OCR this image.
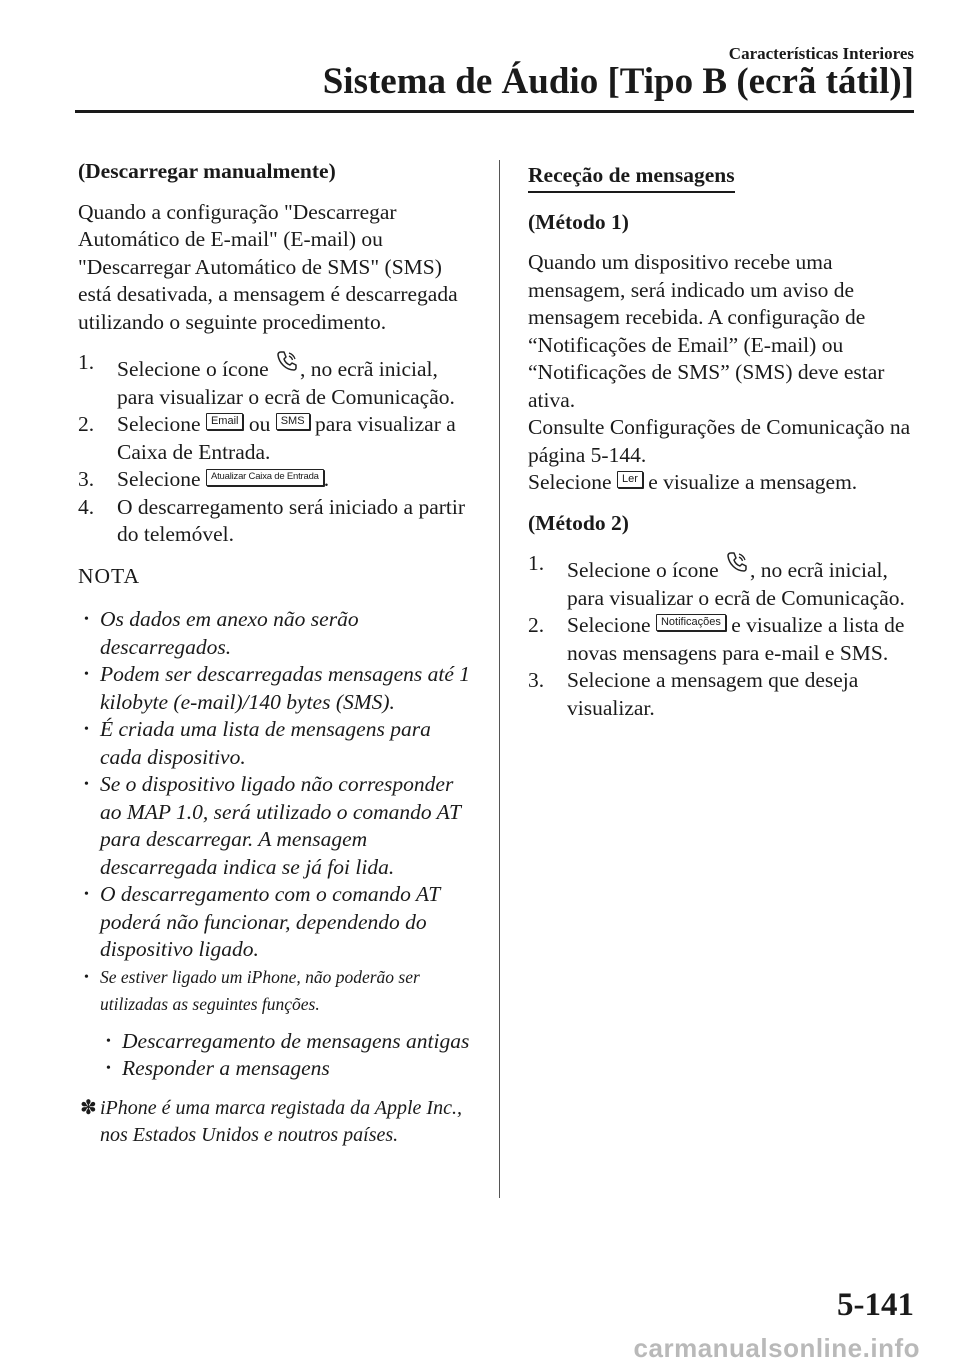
Características Interiores
Sistema de Áudio [Tipo B (ecrã tátil)]

(Descarregar manualmente)

Quando a configuração "Descarregar Automático de E-mail" (E-mail) ou "Descarregar Automático de SMS" (SMS) está desativada, a mensagem é descarregada utilizando o seguinte procedimento.

1. Selecione o ícone , no ecrã inicial, para visualizar o ecrã de Comunicação.
2. Selecione Email ou SMS para visualizar a Caixa de Entrada.
3. Selecione Atualizar Caixa de Entrada .
4. O descarregamento será iniciado a partir do telemóvel.

NOTA

• Os dados em anexo não serão descarregados.
• Podem ser descarregadas mensagens até 1 kilobyte (e-mail)/140 bytes (SMS).
• É criada uma lista de mensagens para cada dispositivo.
• Se o dispositivo ligado não corresponder ao MAP 1.0, será utilizado o comando AT para descarregar. A mensagem descarregada indica se já foi lida.
• O descarregamento com o comando AT poderá não funcionar, dependendo do dispositivo ligado.
• Se estiver ligado um iPhone, não poderão ser utilizadas as seguintes funções.
• Descarregamento de mensagens antigas
• Responder a mensagens

✽ iPhone é uma marca registada da Apple Inc., nos Estados Unidos e noutros países.

Receção de mensagens

(Método 1)

Quando um dispositivo recebe uma mensagem, será indicado um aviso de mensagem recebida. A configuração de “Notificações de Email” (E-mail) ou “Notificações de SMS” (SMS) deve estar ativa.

Consulte Configurações de Comunicação na página 5-144.

Selecione Ler e visualize a mensagem.

(Método 2)

1. Selecione o ícone , no ecrã inicial, para visualizar o ecrã de Comunicação.
2. Selecione Notificações e visualize a lista de novas mensagens para e-mail e SMS.
3. Selecione a mensagem que deseja visualizar.
5-141
carmanualsonline.info
